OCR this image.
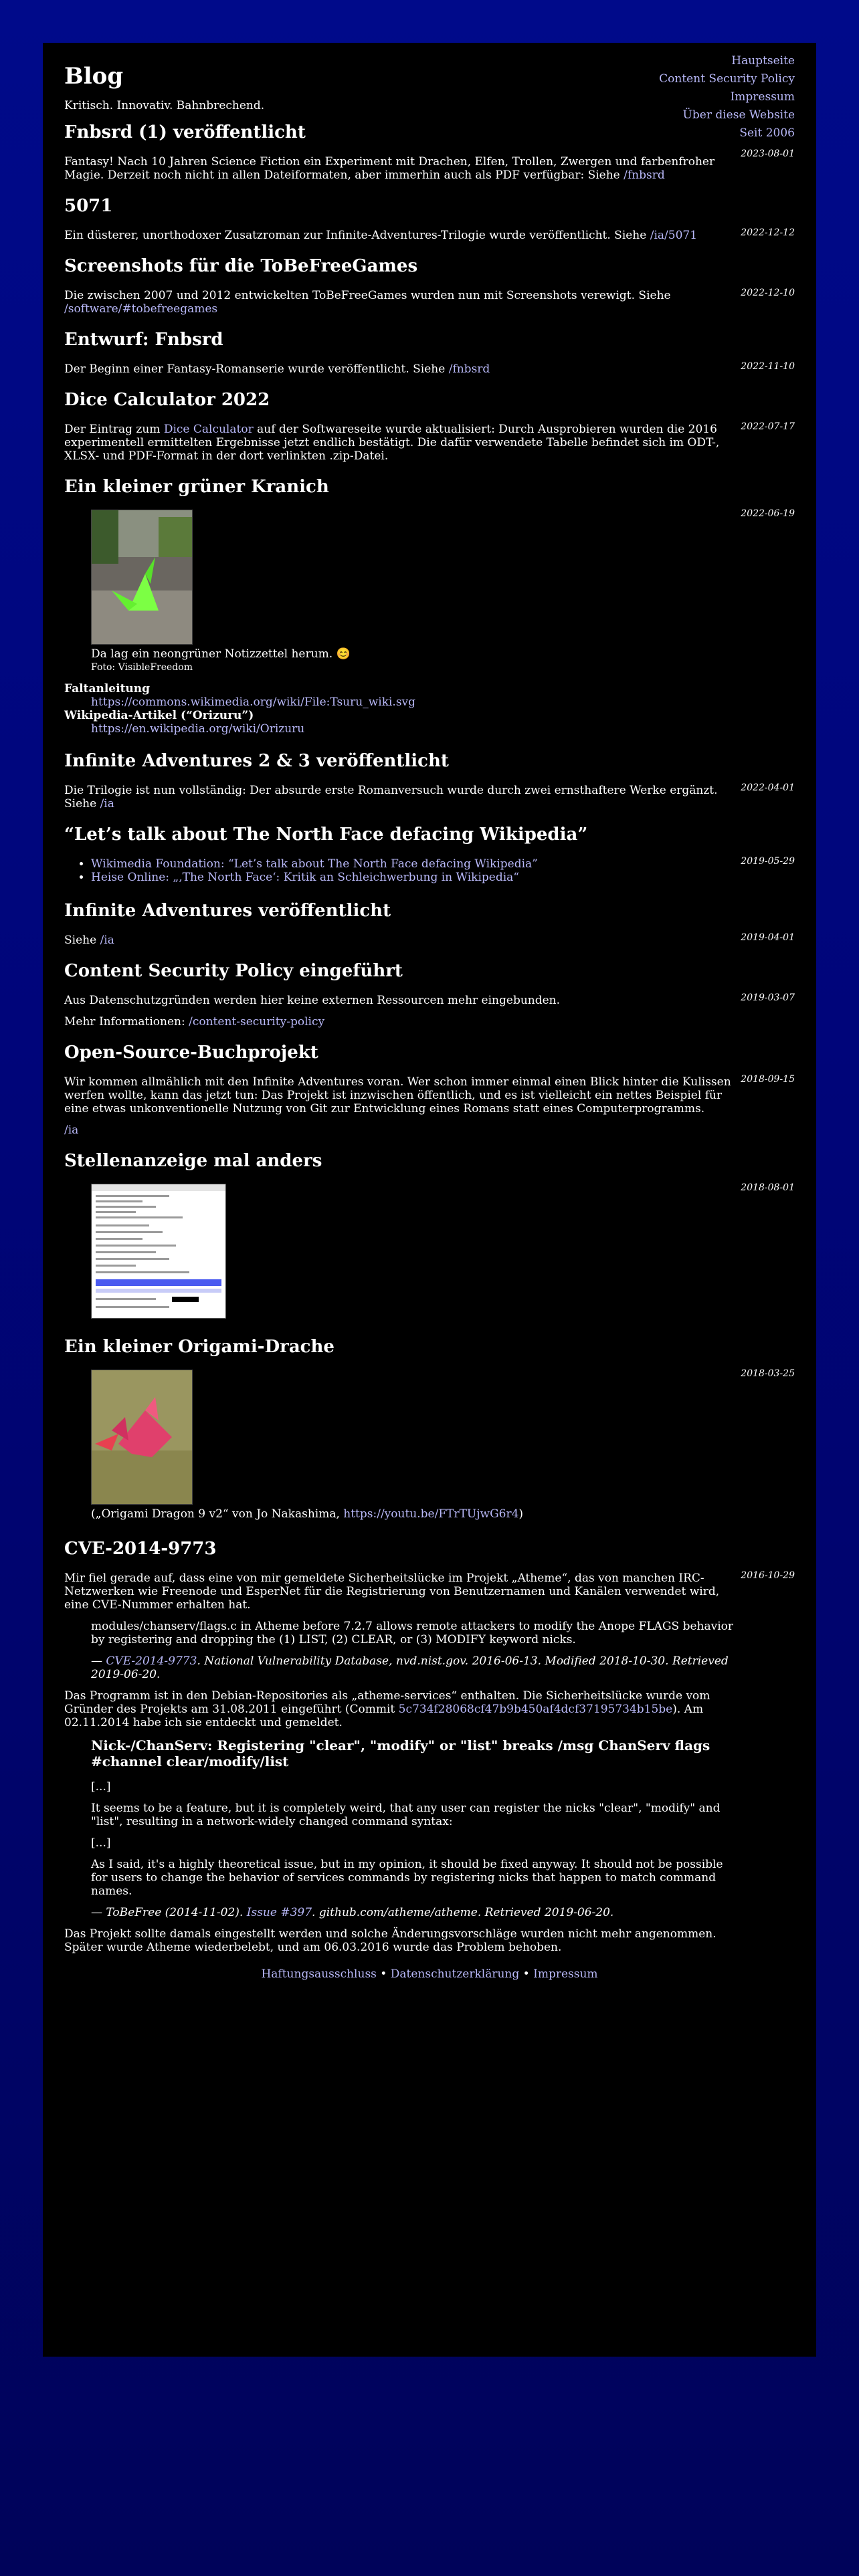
Hauptseite
Content Security Policy
Impressum
Über diese Website
Seit 2006
Blog
Kritisch. Innovativ. Bahnbrechend.
Fnbsrd (1) veröffentlicht
2023-08-01

Fantasy! Nach 10 Jahren Science Fiction ein Experiment mit Drachen, Elfen, Trollen, Zwergen und farbenfroher Magie. Derzeit noch nicht in allen Dateiformaten, aber immerhin auch als PDF verfügbar: Siehe /fnbsrd

5071
2022-12-12

Ein düsterer, unorthodoxer Zusatzroman zur Infinite-Adventures-Trilogie wurde veröffentlicht. Siehe /ia/5071

Screenshots für die ToBeFreeGames
2022-12-10

Die zwischen 2007 und 2012 entwickelten ToBeFreeGames wurden nun mit Screenshots verewigt. Siehe /software/#tobefreegames

Entwurf: Fnbsrd
2022-11-10

Der Beginn einer Fantasy-Romanserie wurde veröffentlicht. Siehe /fnbsrd

Dice Calculator 2022
2022-07-17

Der Eintrag zum Dice Calculator auf der Softwareseite wurde aktualisiert: Durch Ausprobieren wurden die 2016 experimentell ermittelten Ergebnisse jetzt endlich bestätigt. Die dafür verwendete Tabelle befindet sich im ODT-, XLSX- und PDF-Format in der dort verlinkten .zip-Datei.

Ein kleiner grüner Kranich
2022-06-19
Da lag ein neongrüner Notizzettel herum. 😊
Foto: VisibleFreedom
Faltanleitung
https://commons.wikimedia.org/wiki/File:Tsuru_wiki.svg
Wikipedia-Artikel (“Orizuru”)
https://en.wikipedia.org/wiki/Orizuru
Infinite Adventures 2 & 3 veröffentlicht
2022-04-01

Die Trilogie ist nun vollständig: Der absurde erste Romanversuch wurde durch zwei ernsthaftere Werke ergänzt. Siehe /ia

“Let’s talk about The North Face defacing Wikipedia”
2019-05-29
• Wikimedia Foundation: “Let’s talk about The North Face defacing Wikipedia”
• Heise Online: „‚The North Face‘: Kritik an Schleichwerbung in Wikipedia“
Infinite Adventures veröffentlicht
2019-04-01

Siehe /ia

Content Security Policy eingeführt
2019-03-07

Aus Datenschutzgründen werden hier keine externen Ressourcen mehr eingebunden.

Mehr Informationen: /content-security-policy

Open-Source-Buchprojekt
2018-09-15

Wir kommen allmählich mit den Infinite Adventures voran. Wer schon immer einmal einen Blick hinter die Kulissen werfen wollte, kann das jetzt tun: Das Projekt ist inzwischen öffentlich, und es ist vielleicht ein nettes Beispiel für eine etwas unkonventionelle Nutzung von Git zur Entwicklung eines Romans statt eines Computerprogramms.

/ia

Stellenanzeige mal anders
2018-08-01
Ein kleiner Origami-Drache
2018-03-25
(„Origami Dragon 9 v2“ von Jo Nakashima, https://youtu.be/FTrTUjwG6r4)
CVE-2014-9773
2016-10-29

Mir fiel gerade auf, dass eine von mir gemeldete Sicherheitslücke im Projekt „Atheme“, das von manchen IRC-Netzwerken wie Freenode und EsperNet für die Registrierung von Benutzernamen und Kanälen verwendet wird, eine CVE-Nummer erhalten hat.

modules/chanserv/flags.c in Atheme before 7.2.7 allows remote attackers to modify the Anope FLAGS behavior by registering and dropping the (1) LIST, (2) CLEAR, or (3) MODIFY keyword nicks.

— CVE-2014-9773. National Vulnerability Database, nvd.nist.gov. 2016-06-13. Modified 2018-10-30. Retrieved 2019-06-20.

Das Programm ist in den Debian-Repositories als „atheme-services“ enthalten. Die Sicherheitslücke wurde vom Gründer des Projekts am 31.08.2011 eingeführt (Commit 5c734f28068cf47b9b450af4dcf37195734b15be). Am 02.11.2014 habe ich sie entdeckt und gemeldet.

Nick-/ChanServ: Registering "clear", "modify" or "list" breaks /msg ChanServ flags #channel clear/modify/list

[...]

It seems to be a feature, but it is completely weird, that any user can register the nicks "clear", "modify" and "list", resulting in a network-widely changed command syntax:

[...]

As I said, it's a highly theoretical issue, but in my opinion, it should be fixed anyway. It should not be possible for users to change the behavior of services commands by registering nicks that happen to match command names.

— ToBeFree (2014-11-02). Issue #397. github.com/atheme/atheme. Retrieved 2019-06-20.

Das Projekt sollte damals eingestellt werden und solche Änderungsvorschläge wurden nicht mehr angenommen. Später wurde Atheme wiederbelebt, und am 06.03.2016 wurde das Problem behoben.

Haftungsausschluss • Datenschutzerklärung • Impressum
